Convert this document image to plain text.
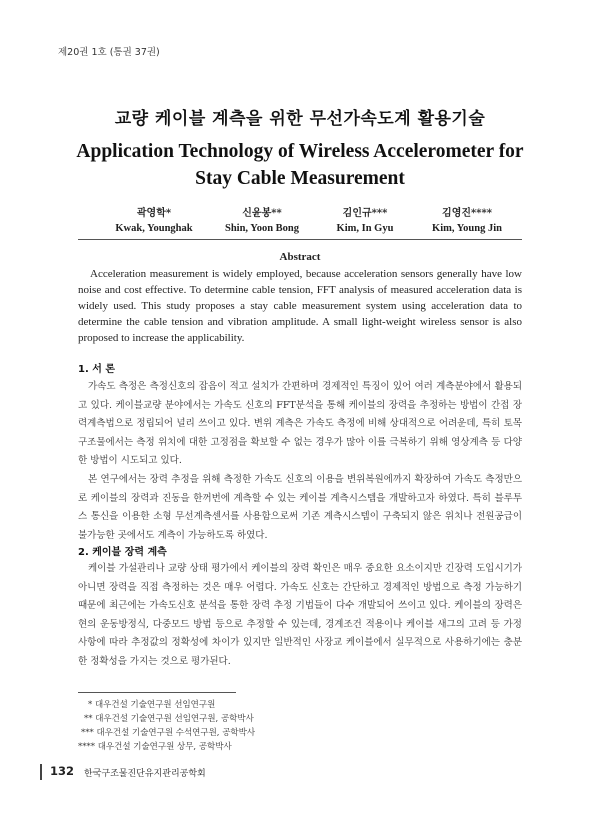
제20권 1호 (통권 37권)
교량 케이블 계측을 위한 무선가속도계 활용기술
Application Technology of Wireless Accelerometer for Stay Cable Measurement
곽영학*
Kwak, Younghak
신윤봉**
Shin, Yoon Bong
김인규***
Kim, In Gyu
김영진****
Kim, Young Jin
Abstract

Acceleration measurement is widely employed, because acceleration sensors generally have low noise and cost effective. To determine cable tension, FFT analysis of measured acceleration data is widely used. This study proposes a stay cable measurement system using acceleration data to determine the cable tension and vibration amplitude. A small light-weight wireless sensor is also proposed to increase the applicability.

1. 서 론

가속도 측정은 측정신호의 잡음이 적고 설치가 간편하며 경제적인 특징이 있어 여러 계측분야에서 활용되고 있다. 케이블교량 분야에서는 가속도 신호의 FFT분석을 통해 케이블의 장력을 추정하는 방법이 간접 장력계측법으로 정립되어 널리 쓰이고 있다. 변위 계측은 가속도 측정에 비해 상대적으로 어려운데, 특히 토목구조물에서는 측정 위치에 대한 고정점을 확보할 수 없는 경우가 많아 이를 극복하기 위해 영상계측 등 다양한 방법이 시도되고 있다.

본 연구에서는 장력 추정을 위해 측정한 가속도 신호의 이용을 변위복원에까지 확장하여 가속도 측정만으로 케이블의 장력과 진동을 한꺼번에 계측할 수 있는 케이블 계측시스템을 개발하고자 하였다. 특히 블루투스 통신을 이용한 소형 무선계측센서를 사용함으로써 기존 계측시스템이 구축되지 않은 위치나 전원공급이 불가능한 곳에서도 계측이 가능하도록 하였다.

2. 케이블 장력 계측

케이블 가설관리나 교량 상태 평가에서 케이블의 장력 확인은 매우 중요한 요소이지만 긴장력 도입시기가 아니면 장력을 직접 측정하는 것은 매우 어렵다. 가속도 신호는 간단하고 경제적인 방법으로 측정 가능하기 때문에 최근에는 가속도신호 분석을 통한 장력 추정 기법들이 다수 개발되어 쓰이고 있다. 케이블의 장력은 현의 운동방정식, 다중모드 방법 등으로 추정할 수 있는데, 경계조건 적용이나 케이블 새그의 고려 등 가정 사항에 따라 추정값의 정확성에 차이가 있지만 일반적인 사장교 케이블에서 실무적으로 사용하기에는 충분한 정확성을 가지는 것으로 평가된다.

* 대우건설 기술연구원 선임연구원
** 대우건설 기술연구원 선임연구원, 공학박사
*** 대우건설 기술연구원 수석연구원, 공학박사
**** 대우건설 기술연구원 상무, 공학박사
132 한국구조물진단유지관리공학회
